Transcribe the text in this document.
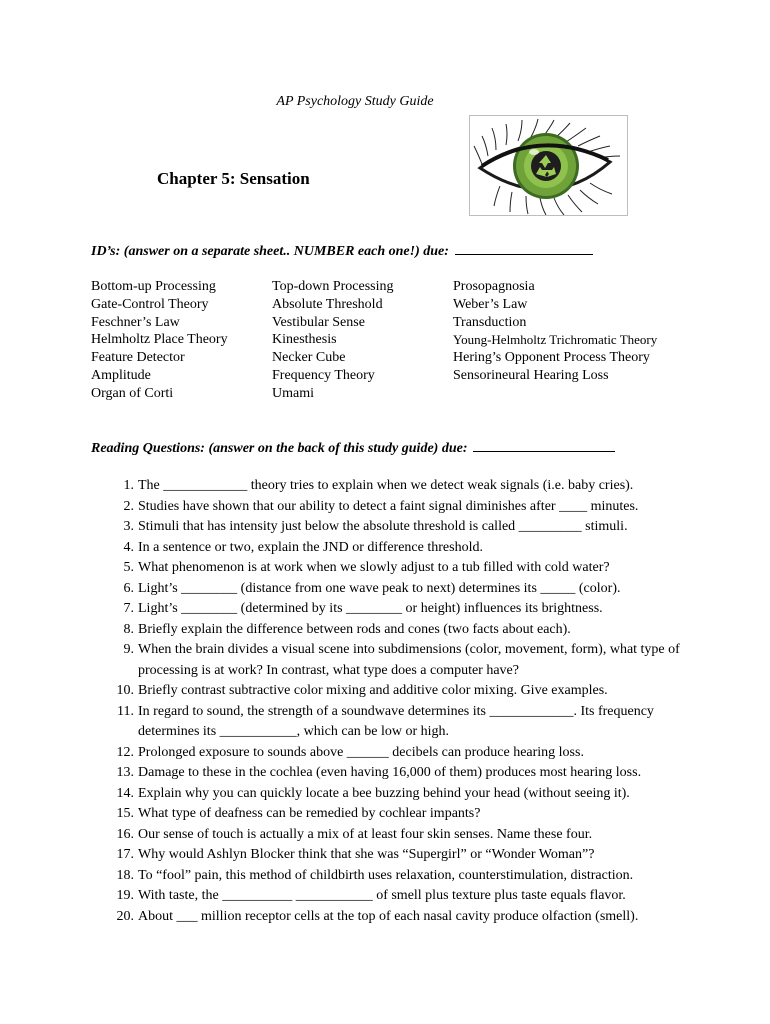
AP Psychology Study Guide
Chapter 5: Sensation
ID’s: (answer on a separate sheet.. NUMBER each one!) due:
Bottom-up Processing
Gate-Control Theory
Feschner’s Law
Helmholtz Place Theory
Feature Detector
Amplitude
Organ of Corti
Top-down Processing
Absolute Threshold
Vestibular Sense
Kinesthesis
Necker Cube
Frequency Theory
Umami
Prosopagnosia
Weber’s Law
Transduction
Young-Helmholtz Trichromatic Theory
Hering’s Opponent Process Theory
Sensorineural Hearing Loss
Reading Questions: (answer on the back of this study guide) due:
1 . The ____________ theory tries to explain when we detect weak signals (i.e. baby cries).
2 . Studies have shown that our ability to detect a faint signal diminishes after ____ minutes.
3 . Stimuli that has intensity just below the absolute threshold is called _________ stimuli.
4 . In a sentence or two, explain the JND or difference threshold.
5 . What phenomenon is at work when we slowly adjust to a tub filled with cold water?
6 . Light’s ________ (distance from one wave peak to next) determines its _____ (color).
7 . Light’s ________ (determined by its ________ or height) influences its brightness.
8 . Briefly explain the difference between rods and cones (two facts about each).
9 . When the brain divides a visual scene into subdimensions (color, movement, form), what type of processing is at work? In contrast, what type does a computer have?
10 . Briefly contrast subtractive color mixing and additive color mixing. Give examples.
11 . In regard to sound, the strength of a soundwave determines its ____________. Its frequency determines its ___________, which can be low or high.
12 . Prolonged exposure to sounds above ______ decibels can produce hearing loss.
13 . Damage to these in the cochlea (even having 16,000 of them) produces most hearing loss.
14 . Explain why you can quickly locate a bee buzzing behind your head (without seeing it).
15 . What type of deafness can be remedied by cochlear impants?
16 . Our sense of touch is actually a mix of at least four skin senses. Name these four.
17 . Why would Ashlyn Blocker think that she was “Supergirl” or “Wonder Woman”?
18 . To “fool” pain, this method of childbirth uses relaxation, counterstimulation, distraction.
19 . With taste, the __________ ___________ of smell plus texture plus taste equals flavor.
20 . About ___ million receptor cells at the top of each nasal cavity produce olfaction (smell).
